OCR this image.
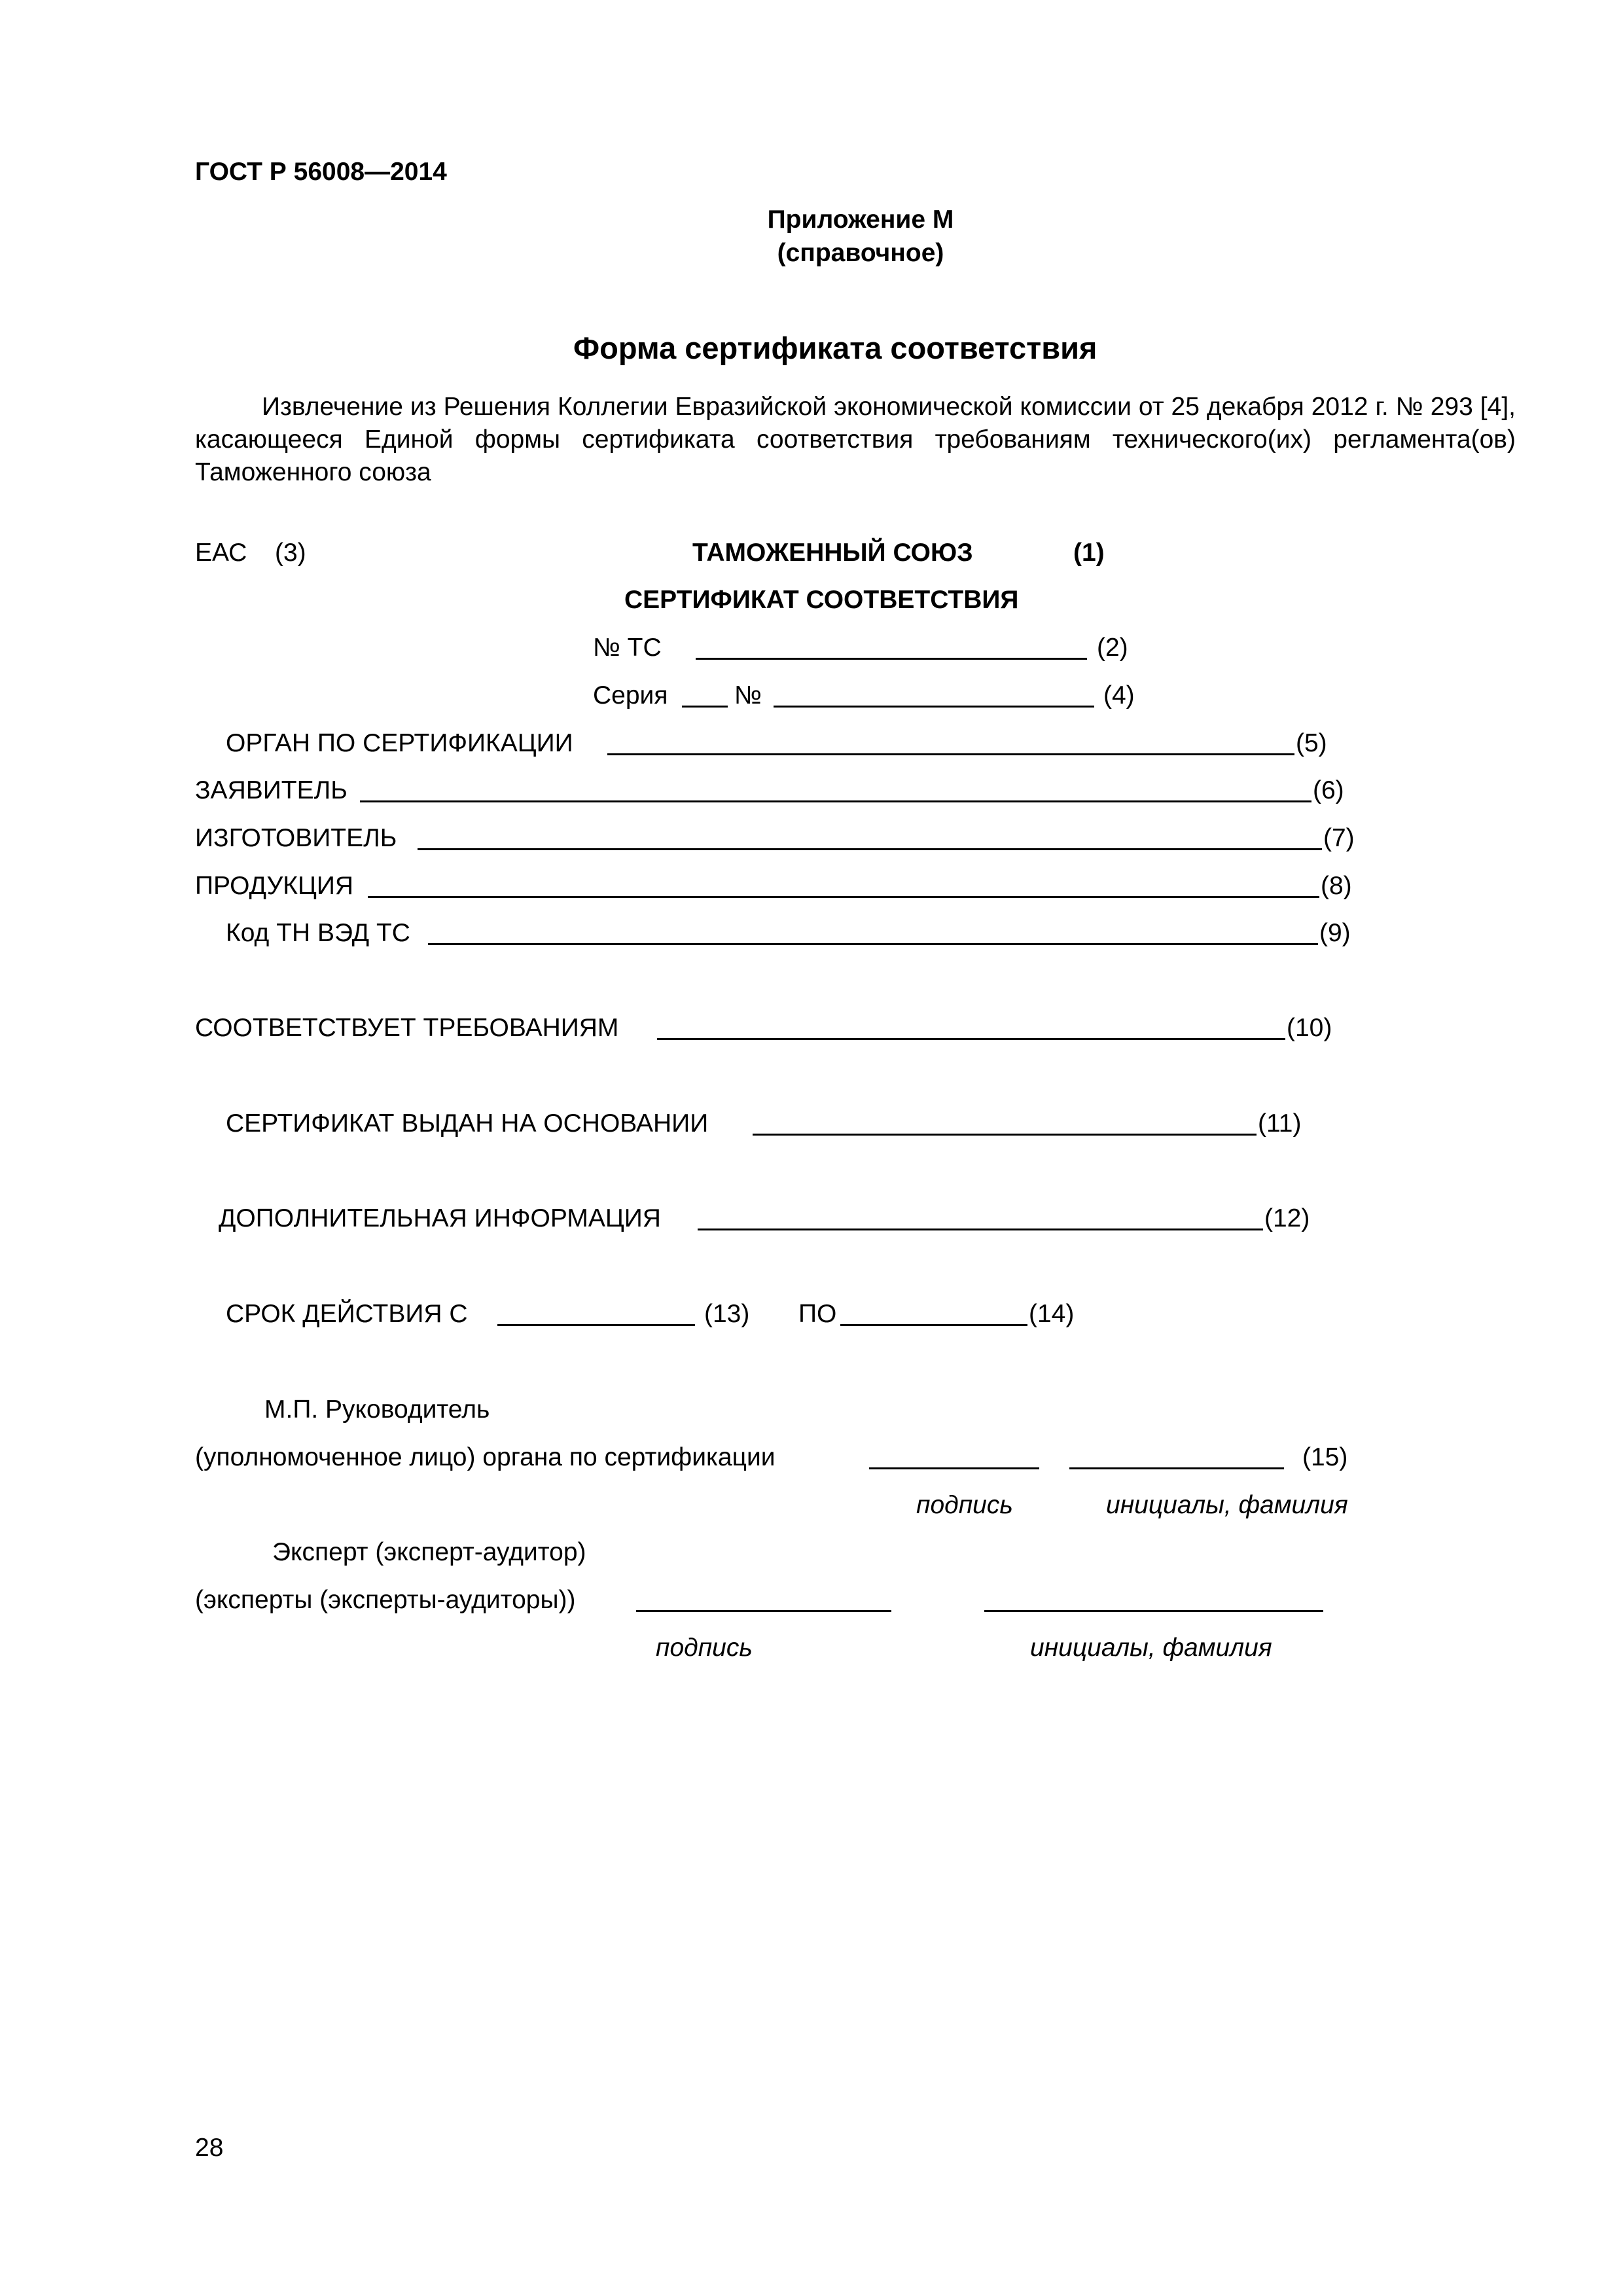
ГОСТ Р 56008—2014
Приложение М
(справочное)
Форма сертификата соответствия
Извлечение из Решения Коллегии Евразийской экономической комиссии от 25 декабря 2012 г. № 293 [4], касающееся Единой формы сертификата соответствия требованиям технического(их) регламента(ов) Таможенного союза
ЕАС (3)	ТАМОЖЕННЫЙ СОЮЗ	(1)
СЕРТИФИКАТ СООТВЕТСТВИЯ
№ ТС	(2)
Серия	№	(4)
ОРГАН ПО СЕРТИФИКАЦИИ	(5)
ЗАЯВИТЕЛЬ	(6)
ИЗГОТОВИТЕЛЬ	(7)
ПРОДУКЦИЯ	(8)
Код ТН ВЭД ТС	(9)
СООТВЕТСТВУЕТ ТРЕБОВАНИЯМ	(10)
СЕРТИФИКАТ ВЫДАН НА ОСНОВАНИИ	(11)
ДОПОЛНИТЕЛЬНАЯ ИНФОРМАЦИЯ	(12)
СРОК ДЕЙСТВИЯ С	(13) ПО	(14)
М.П. Руководитель
(уполномоченное лицо) органа по сертификации	(15)
подпись	инициалы, фамилия
Эксперт (эксперт-аудитор)
(эксперты (эксперты-аудиторы))
подпись	инициалы, фамилия
28
